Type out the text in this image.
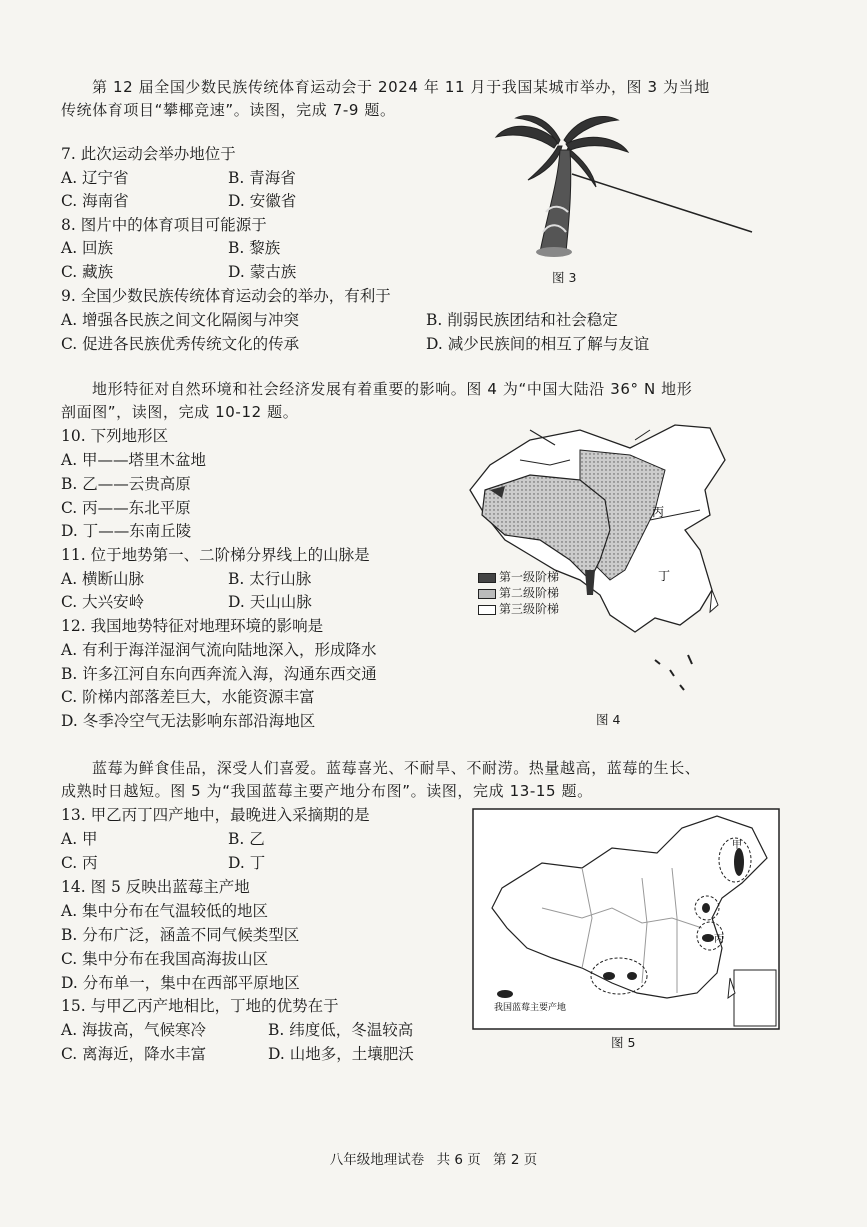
第 12 届全国少数民族传统体育运动会于 2024 年 11 月于我国某城市举办，图 3 为当地
传统体育项目“攀椰竞速”。读图，完成 7-9 题。
7. 此次运动会举办地位于
A. 辽宁省	B. 青海省
C. 海南省	D. 安徽省
8. 图片中的体育项目可能源于
A. 回族	B. 黎族
C. 藏族	D. 蒙古族
9. 全国少数民族传统体育运动会的举办，有利于
A. 增强各民族之间文化隔阂与冲突	B. 削弱民族团结和社会稳定
C. 促进各民族优秀传统文化的传承	D. 减少民族间的相互了解与友谊
图 3
地形特征对自然环境和社会经济发展有着重要的影响。图 4 为“中国大陆沿 36° N 地形
剖面图”，读图，完成 10-12 题。
10. 下列地形区
A. 甲——塔里木盆地
B. 乙——云贵高原
C. 丙——东北平原
D. 丁——东南丘陵
11. 位于地势第一、二阶梯分界线上的山脉是
A. 横断山脉	B. 太行山脉
C. 大兴安岭	D. 天山山脉
12. 我国地势特征对地理环境的影响是
A. 有利于海洋湿润气流向陆地深入，形成降水
B. 许多江河自东向西奔流入海，沟通东西交通
C. 阶梯内部落差巨大，水能资源丰富
D. 冬季冷空气无法影响东部沿海地区
丙
丁
第一级阶梯
第二级阶梯
第三级阶梯
图 4
蓝莓为鲜食佳品，深受人们喜爱。蓝莓喜光、不耐旱、不耐涝。热量越高，蓝莓的生长、
成熟时日越短。图 5 为“我国蓝莓主要产地分布图”。读图，完成 13-15 题。
13. 甲乙丙丁四产地中，最晚进入采摘期的是
A. 甲	B. 乙
C. 丙	D. 丁
14. 图 5 反映出蓝莓主产地
A. 集中分布在气温较低的地区
B. 分布广泛，涵盖不同气候类型区
C. 集中分布在我国高海拔山区
D. 分布单一，集中在西部平原地区
15. 与甲乙丙产地相比，丁地的优势在于
A. 海拔高，气候寒冷	B. 纬度低，冬温较高
C. 离海近，降水丰富	D. 山地多，土壤肥沃
甲
丙
我国蓝莓主要产地
图 5
八年级地理试卷 共 6 页 第 2 页
